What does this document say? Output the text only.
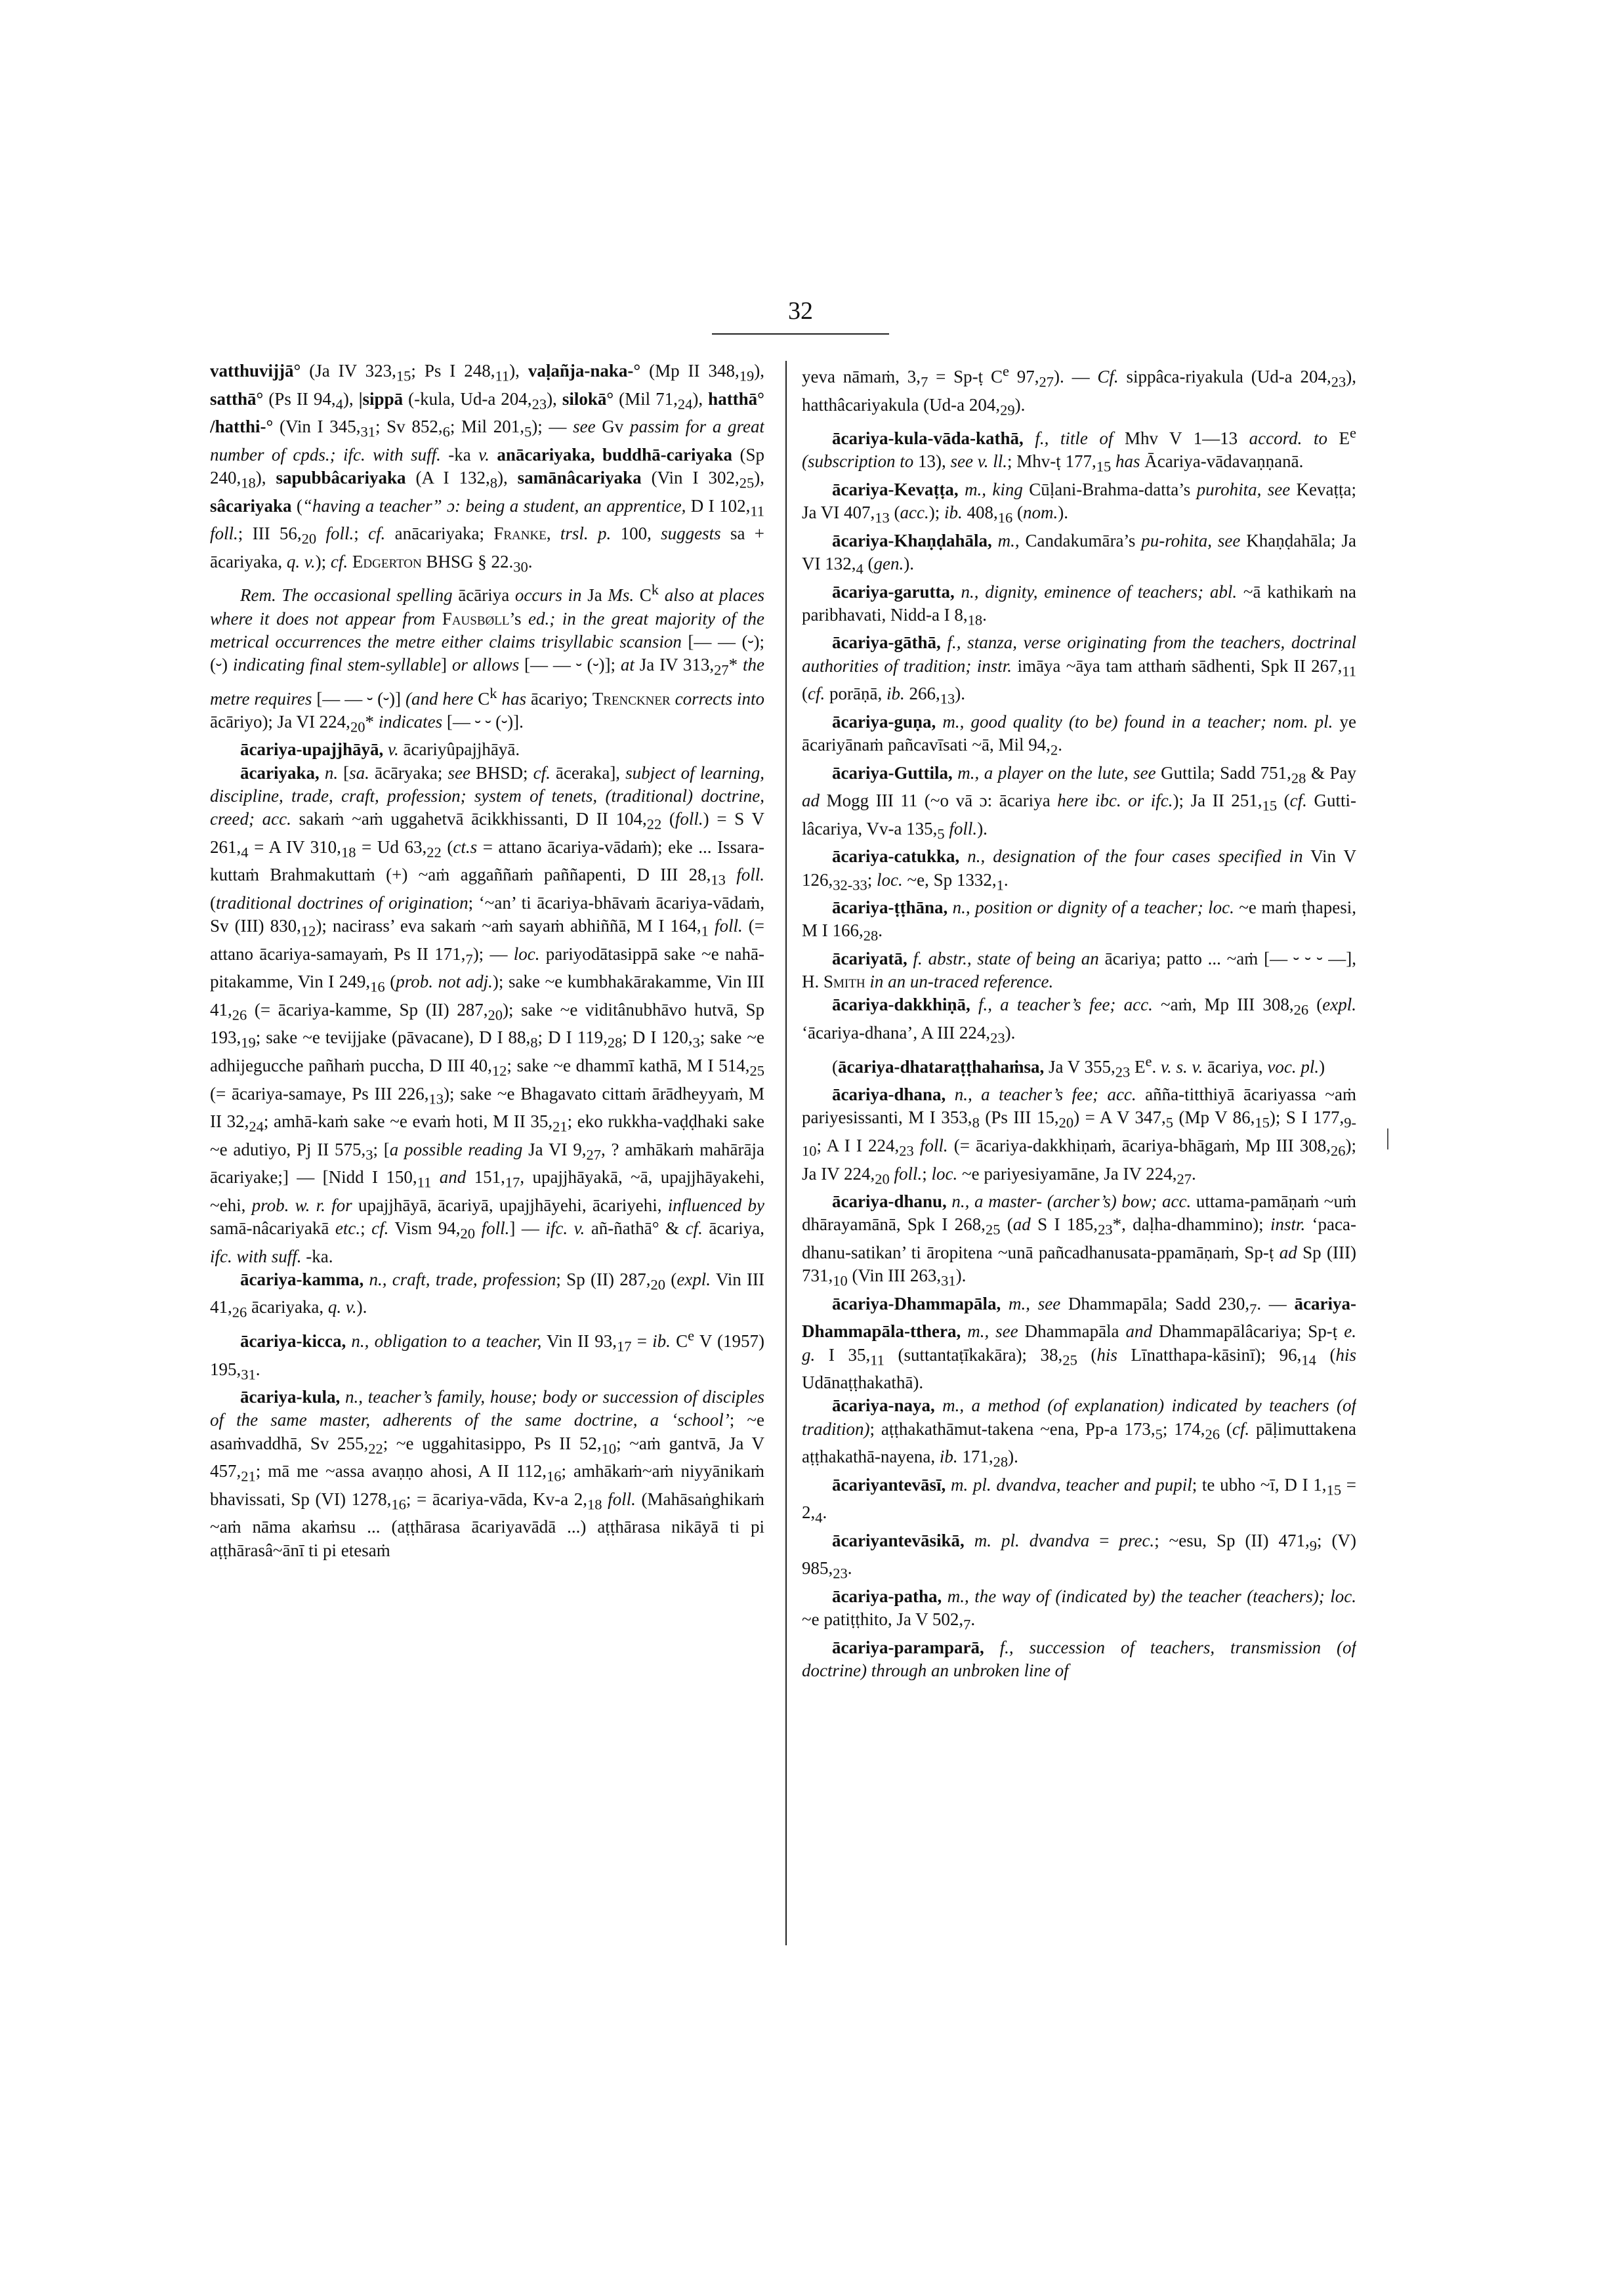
32

vatthuvijjā° (Ja IV $323,_{15}$; Ps I $248,_{11}$), vaḷañja-naka-° (Mp II $348,_{19}$), satthā° (Ps II $94,_4$), |sippā (-kula, Ud-a $204,_{23}$), silokā° (Mil $71,_{24}$), hatthā° /hatthi-° (Vin I $345,_{31}$; Sv $852,_6$; Mil $201,_5$); — see Gv passim for a great number of cpds.; ifc. with suff. -ka v. anācariyaka, buddhā-cariyaka (Sp $240,_{18}$), sapubbâcariyaka (A I $132,_8$), samānâcariyaka (Vin I $302,_{25}$), sâcariyaka (“having a teacher” ɔ: being a student, an apprentice, D I $102,_{11}$ foll.; III $56,_{20}$ foll.; cf. anācariyaka; Franke, trsl. p. 100, suggests sa + ācariyaka, q. v.); cf. Edgerton BHSG § $22._{30}$.

Rem. The occasional spelling ācāriya occurs in Ja Ms. $C^k$ also at places where it does not appear from Fausbøll’s ed.; in the great majority of the metrical occurrences the metre either claims trisyllabic scansion [— — (⏑); (⏑) indicating final stem-syllable] or allows [— — ⏑ (⏑)]; at Ja IV $313,_{27}*$ the metre requires [— — ⏑ (⏑)] (and here $C^k$ has ācariyo; Trenckner corrects into ācāriyo); Ja VI $224,_{20}*$ indicates [— ⏑ ⏑ (⏑)].

ācariya-upajjhāyā, v. ācariyûpajjhāyā.

ācariyaka, n. [sa. ācāryaka; see BHSD; cf. āceraka], subject of learning, discipline, trade, craft, profession; system of tenets, (traditional) doctrine, creed; acc. sakaṁ ~aṁ uggahetvā ācikkhissanti, D II $104,_{22}$ (foll.) = S V $261,_4 = A$ IV $310,_{18} = Ud$ $63,_{22}$ (ct.s = attano ācariya-vādaṁ); eke ... Issara-kuttaṁ Brahmakuttaṁ (+) ~aṁ aggaññaṁ paññapenti, D III $28,_{13}$ foll. (traditional doctrines of origination; ‘~an’ ti ācariya-bhāvaṁ ācariya-vādaṁ, Sv (III) $830,_{12}$); nacirass’ eva sakaṁ ~aṁ sayaṁ abhiññā, M I $164,_1$ foll. (= attano ācariya-samayaṁ, Ps II $171,_7$); — loc. pariyodātasippā sake ~e nahā-pitakamme, Vin I $249,_{16}$ (prob. not adj.); sake ~e kumbhakārakamme, Vin III $41,_{26}$ (= ācariya-kamme, Sp (II) $287,_{20}$); sake ~e viditânubhāvo hutvā, Sp $193,_{19}$; sake ~e tevijjake (pāvacane), D I $88,_8$; D I $119,_{28}$; D I $120,_3$; sake ~e adhijegucche pañhaṁ puccha, D III $40,_{12}$; sake ~e dhammī kathā, M I $514,_{25}$ (= ācariya-samaye, Ps III $226,_{13}$); sake ~e Bhagavato cittaṁ ārādheyyaṁ, M II $32,_{24}$; amhā-kaṁ sake ~e evaṁ hoti, M II $35,_{21}$; eko rukkha-vaḍḍhaki sake ~e adutiyo, Pj II $575,_3$; [a possible reading Ja VI $9,_{27}$, ? amhākaṁ mahārāja ācariyake;] — [Nidd I $150,_{11}$ and $151,_{17}$, upajjhāyakā, ~ā, upajjhāyakehi, ~ehi, prob. w. r. for upajjhāyā, ācariyā, upajjhāyehi, ācariyehi, influenced by samā-nâcariyakā etc.; cf. Vism $94,_{20}$ foll.] — ifc. v. añ-ñathā° & cf. ācariya, ifc. with suff. -ka.

ācariya-kamma, n., craft, trade, profession; Sp (II) $287,_{20}$ (expl. Vin III $41,_{26}$ ācariyaka, q. v.).

ācariya-kicca, n., obligation to a teacher, Vin II $93,_{17}$ = ib. Ce V (1957) $195,_{31}$.

ācariya-kula, n., teacher’s family, house; body or succession of disciples of the same master, adherents of the same doctrine, a ‘school’; ~e asaṁvaddhā, Sv $255,_{22}$; ~e uggahitasippo, Ps II $52,_{10}$; ~aṁ gantvā, Ja V $457,_{21}$; mā me ~assa avaṇṇo ahosi, A II $112,_{16}$; amhākaṁ~aṁ niyyānikaṁ bhavissati, Sp (VI) $1278,_{16}$; = ācariya-vāda, Kv-a $2,_{18}$ foll. (Mahāsaṅghikaṁ ~aṁ nāma akaṁsu ... (aṭṭhārasa ācariyavādā ...) aṭṭhārasa nikāyā ti pi aṭṭhārasâ~ānī ti pi etesaṁ

yeva nāmaṁ, $3,_7$ = Sp-ṭ Ce $97,_{27}$). — Cf. sippâca-riyakula (Ud-a $204,_{23}$), hatthâcariyakula (Ud-a $204,_{29}$).

ācariya-kula-vāda-kathā, f., title of Mhv V 1—13 accord. to $E^e$ (subscription to 13), see v. ll.; Mhv-ṭ $177,_{15}$ has Ācariya-vādavaṇṇanā.

ācariya-Kevaṭṭa, m., king Cūḷani-Brahma-datta’s purohita, see Kevaṭṭa; Ja VI $407,_{13}$ (acc.); ib. $408,_{16}$ (nom.).

ācariya-Khaṇḍahāla, m., Candakumāra’s pu-rohita, see Khaṇḍahāla; Ja VI $132,_4$ (gen.).

ācariya-garutta, n., dignity, eminence of teachers; abl. ~ā kathikaṁ na paribhavati, Nidd-a I $8,_{18}$.

ācariya-gāthā, f., stanza, verse originating from the teachers, doctrinal authorities of tradition; instr. imāya ~āya tam atthaṁ sādhenti, Spk II $267,_{11}$ (cf. porāṇā, ib. $266,_{13}$).

ācariya-guṇa, m., good quality (to be) found in a teacher; nom. pl. ye ācariyānaṁ pañcavīsati ~ā, Mil $94,_2$.

ācariya-Guttila, m., a player on the lute, see Guttila; Sadd $751,_{28}$ & Pay ad Mogg III 11 (~o vā ɔ: ācariya here ibc. or ifc.); Ja II $251,_{15}$ (cf. Gutti-lâcariya, Vv-a $135,_5$ foll.).

ācariya-catukka, n., designation of the four cases specified in Vin V $126,_{32-33}$; loc. ~e, Sp $1332,_1$.

ācariya-ṭṭhāna, n., position or dignity of a teacher; loc. ~e maṁ ṭhapesi, M I $166,_{28}$.

ācariyatā, f. abstr., state of being an ācariya; patto ... ~aṁ [— ⏑ ⏑ ⏑ —], H. Smith in an un-traced reference.

ācariya-dakkhiṇā, f., a teacher’s fee; acc. ~aṁ, Mp III $308,_{26}$ (expl. ‘ācariya-dhana’, A III $224,_{23}$).

(ācariya-dhataraṭṭhahaṁsa, Ja V $355,_{23}$ $E^e$. v. s. v. ācariya, voc. pl.)

ācariya-dhana, n., a teacher’s fee; acc. añña-titthiyā ācariyassa ~aṁ pariyesissanti, M I $353,_8$ (Ps III $15,_{20}) = A$ V $347,_5$ (Mp V $86,_{15}$); S I $177,_{9-10}$; A I I $224,_{23}$ foll. (= ācariya-dakkhiṇaṁ, ācariya-bhāgaṁ, Mp III $308,_{26}$); Ja IV $224,_{20}$ foll.; loc. ~e pariyesiyamāne, Ja IV $224,_{27}$.

ācariya-dhanu, n., a master- (archer’s) bow; acc. uttama-pamāṇaṁ ~uṁ dhārayamānā, Spk I $268,_{25}$ (ad S I $185,_{23}*$, daḷha-dhammino); instr. ‘paca-dhanu-satikan’ ti āropitena ~unā pañcadhanusata-ppamāṇaṁ, Sp-ṭ ad Sp (III) $731,_{10}$ (Vin III $263,_{31}$).

ācariya-Dhammapāla, m., see Dhammapāla; Sadd $230,_7$. — ācariya-Dhammapāla-tthera, m., see Dhammapāla and Dhammapālâcariya; Sp-ṭ e. g. I $35,_{11}$ (suttantaṭīkakāra); $38,_{25}$ (his Līnatthapa-kāsinī); $96,_{14}$ (his Udānaṭṭhakathā).

ācariya-naya, m., a method (of explanation) indicated by teachers (of tradition); aṭṭhakathāmut-takena ~ena, Pp-a $173,_5$; $174,_{26}$ (cf. pāḷimuttakena aṭṭhakathā-nayena, ib. $171,_{28}$).

ācariyantevāsī, m. pl. dvandva, teacher and pupil; te ubho ~ī, D I $1,_{15} = 2,_4$.

ācariyantevāsikā, m. pl. dvandva = prec.; ~esu, Sp (II) $471,_9$; (V) $985,_{23}$.

ācariya-patha, m., the way of (indicated by) the teacher (teachers); loc. ~e patiṭṭhito, Ja V $502,_7$.

ācariya-paramparā, f., succession of teachers, transmission (of doctrine) through an unbroken line of
